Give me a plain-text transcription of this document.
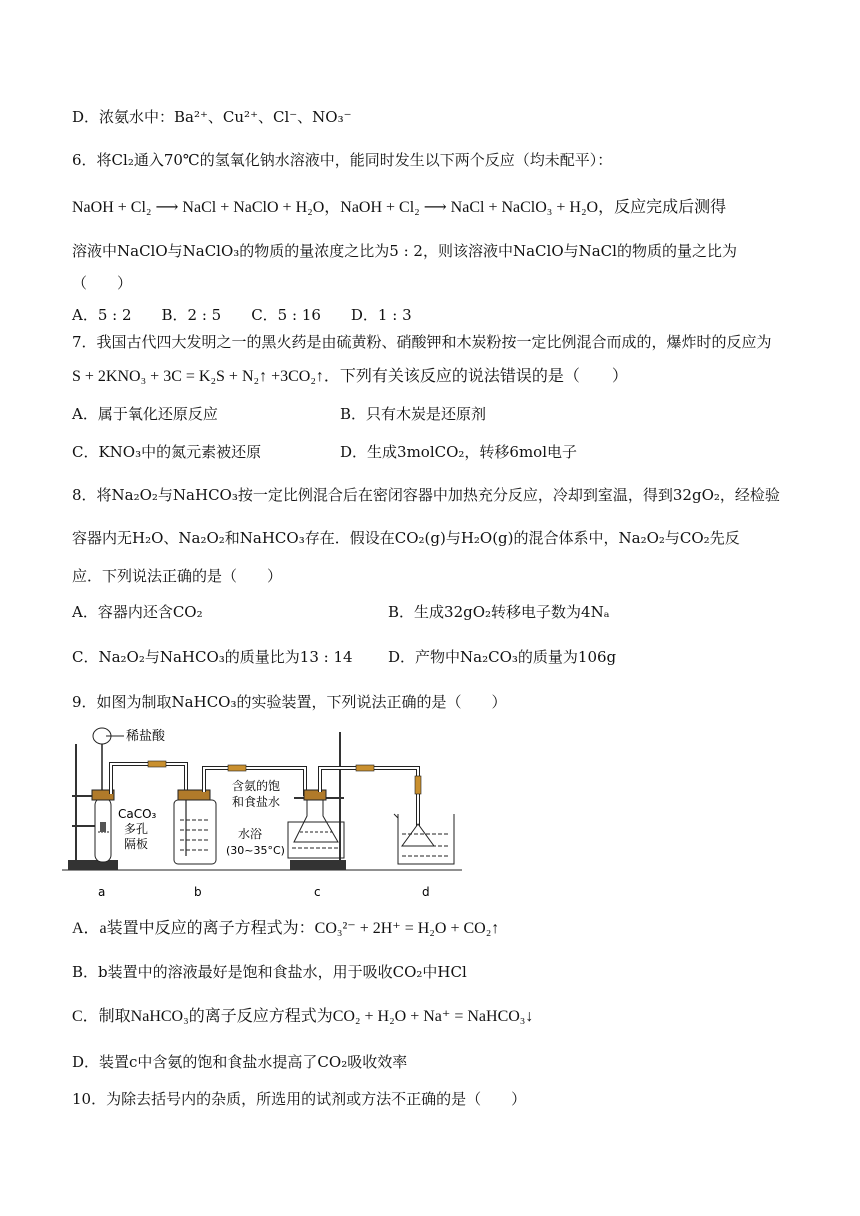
D．浓氨水中：Ba²⁺、Cu²⁺、Cl⁻、NO₃⁻
6．将Cl₂通入70℃的氢氧化钠水溶液中，能同时发生以下两个反应（均未配平）：
NaOH + Cl₂ ⟶ NaCl + NaClO + H₂O，NaOH + Cl₂ ⟶ NaCl + NaClO₃ + H₂O，反应完成后测得
溶液中NaClO与NaClO₃的物质的量浓度之比为5 : 2，则该溶液中NaClO与NaCl的物质的量之比为
（　　）
A．5 : 2　　B．2 : 5　　C．5 : 16　　D．1 : 3
7．我国古代四大发明之一的黑火药是由硫黄粉、硝酸钾和木炭粉按一定比例混合而成的，爆炸时的反应为
S + 2KNO₃ + 3C = K₂S + N₂↑ +3CO₂↑．下列有关该反应的说法错误的是（　　）
A．属于氧化还原反应	B．只有木炭是还原剂
C．KNO₃中的氮元素被还原	D．生成3molCO₂，转移6mol电子
8．将Na₂O₂与NaHCO₃按一定比例混合后在密闭容器中加热充分反应，冷却到室温，得到32gO₂，经检验
容器内无H₂O、Na₂O₂和NaHCO₃存在．假设在CO₂(g)与H₂O(g)的混合体系中，Na₂O₂与CO₂先反
应．下列说法正确的是（　　）
A．容器内还含CO₂	B．生成32gO₂转移电子数为4Nₐ
C．Na₂O₂与NaHCO₃的质量比为13 : 14 D．产物中Na₂CO₃的质量为106g
9．如图为制取NaHCO₃的实验装置，下列说法正确的是（　　）
稀盐酸
CaCO₃
多孔
隔板
含氨的饱
和食盐水
水浴
(30~35°C)
a	b	c	d
A．a装置中反应的离子方程式为：CO₃²⁻ + 2H⁺ = H₂O + CO₂↑
B．b装置中的溶液最好是饱和食盐水，用于吸收CO₂中HCl
C．制取NaHCO₃的离子反应方程式为CO₂ + H₂O + Na⁺ = NaHCO₃↓
D．装置c中含氨的饱和食盐水提高了CO₂吸收效率
10．为除去括号内的杂质，所选用的试剂或方法不正确的是（　　）
